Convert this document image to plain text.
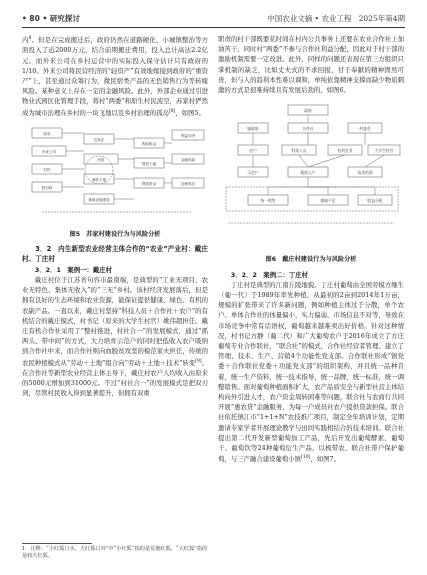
• 80 • 研究探讨	中国农业文摘 • 农业工程 2025年第4期

内$^8$。但是在完成搬迁后，政府仍然在道路硬化、小城镇整治等方面投入了近2000万元，结合前期搬迁费用，投入总计高达2.2亿元。而外来公司在乡村运营中的实际投入保守估计只有政府的1/10。外来公司将民营经济的“轻资产”有效地嫁接到政府的“重资产”上，甚至通过众筹行为，微民宿类产品的无色销售行为等转嫁风险。某种意义上存在一定的金融风险。此外，外部企业通过引进物业式园区化管理手段，将村“两委”和原生村民流空，苏家村俨然成为城市治理在乡村的一块飞地以及乡村治理的孤岛[8]，如图5。

政府
外来公司
村民
股份制
农家乐
民宿
流转土地
基础设施建设
收取租金
提供土地
提供资金
利益冲突
金融风险
治理孤岛
图5　苏家村建设行为与风险分析

3．2　内生新型农业经营主体合作的“农业”产业村：戴庄村、丁庄村

3．2．1　案例一：戴庄村

戴庄村位于江苏省句容市最南端，是典型的“工业无项目、农业无特色、集体无收入”的“三无”乡村。该村经济发展落后，但是拥有良好的生态环境和农业资源，能保证提供健康、绿色、有机的农副产品。一直以来，戴庄村坚持“科技人员＋合作社＋农户”的有机结合的戴庄模式，村书记（原来的大学生村官）姚伟超担任。戴庄有机合作社采用了“整村推进、村社合一”的发展模式，通过“抓两头、带中间”的方式，大力培育示范户的同时把低收入农户吸纳到合作社中来，而合作社则向血脱贫攻坚的模范家夫担任，传统的农民种植模式从“劳动＋土地”组合向“劳动＋土地＋技术”转变[9]。在合作社等新型农业经营主体主导下，戴庄村农户人均收入由原来的5000元增加到31000元。不过“村社合一”的发展模式是把双刃剑，尽管村民收入得到显著提升，但拥有双重

1　注释：“小红狐口水，大红狐口外”中“小红狐”指的是荒地红狐，“大红狐”指的是较大红狐。

职责的村干部既要花时间在村内公共事务上还要在农业合作社上加油苦干，同时村“两委”不参与合作社利益分配，因此对于村干部的激励机制需要一定改进。此外，同样的问题还表现在第三方组织只掌机制的缺乏，比如丈夫式的不求回报，甘于奉献的精神固然可贵，但与人的趋利本性难以调和，单纯依靠精神支撑而缺少物质刺激的方式是很难持续且有发展后劲的，如图6。

政府
镇政府	合作社	村委会
农户	科技人员	有机农业	大学生村官
示范户	低收入户	技术培训
统一销售	激励不足	收益分配
图6　戴庄村建设行为与风险分析

3．2．2　案例二：丁庄村

丁庄村是典型的江南丘陵地貌。丁庄村葡萄由全国劳模方继生（葡一代）于1989年率先种植，从最初的2亩到2014年1万亩，规模的扩张带来了许多新问题，例如种植主体过于分散，单个农户、单体合作社的体量偏小，实力偏弱，市场信息不对等，导致在市场竞争中常有话语权，葡萄越来越难卖出好价格。针对这种情况，村书记方静（葡二代）和广大葡萄农户于2016年成立了方庄葡萄专业合作联社，“联合社”的模式，合作社经营者管理、建立了管理、技术、生产、营销4个功能性党支部。合作联社形成“镇党委＋合作联社党委＋功能党支部”的组织架构，并且统一品种肯着，统一生产资料，统一技术指导，统一品牌，统一标准，统一调整销售。面对葡萄种植面积扩大，农产品质安全与新型社营主体结构向外引进人才，农户资金周转困难等问题，联合社与农商行共同开展“惠农贷”金融服务，为每一户成员社农户提供贷款担保。联合社依托镇江市“1+1+N”农技推广项目，制定全年培训计划，定期邀请专家学者开展理论教学与田间实践相结合的技术培训。联合社提出第二代开发新型葡萄加工产品，先后开发出葡萄酵素、葡萄干、葡萄饮等24种葡萄衍生产品，以梳带农、联合社带户保护葡萄，与三产融合建设葡萄小镇[10]，如图7。
